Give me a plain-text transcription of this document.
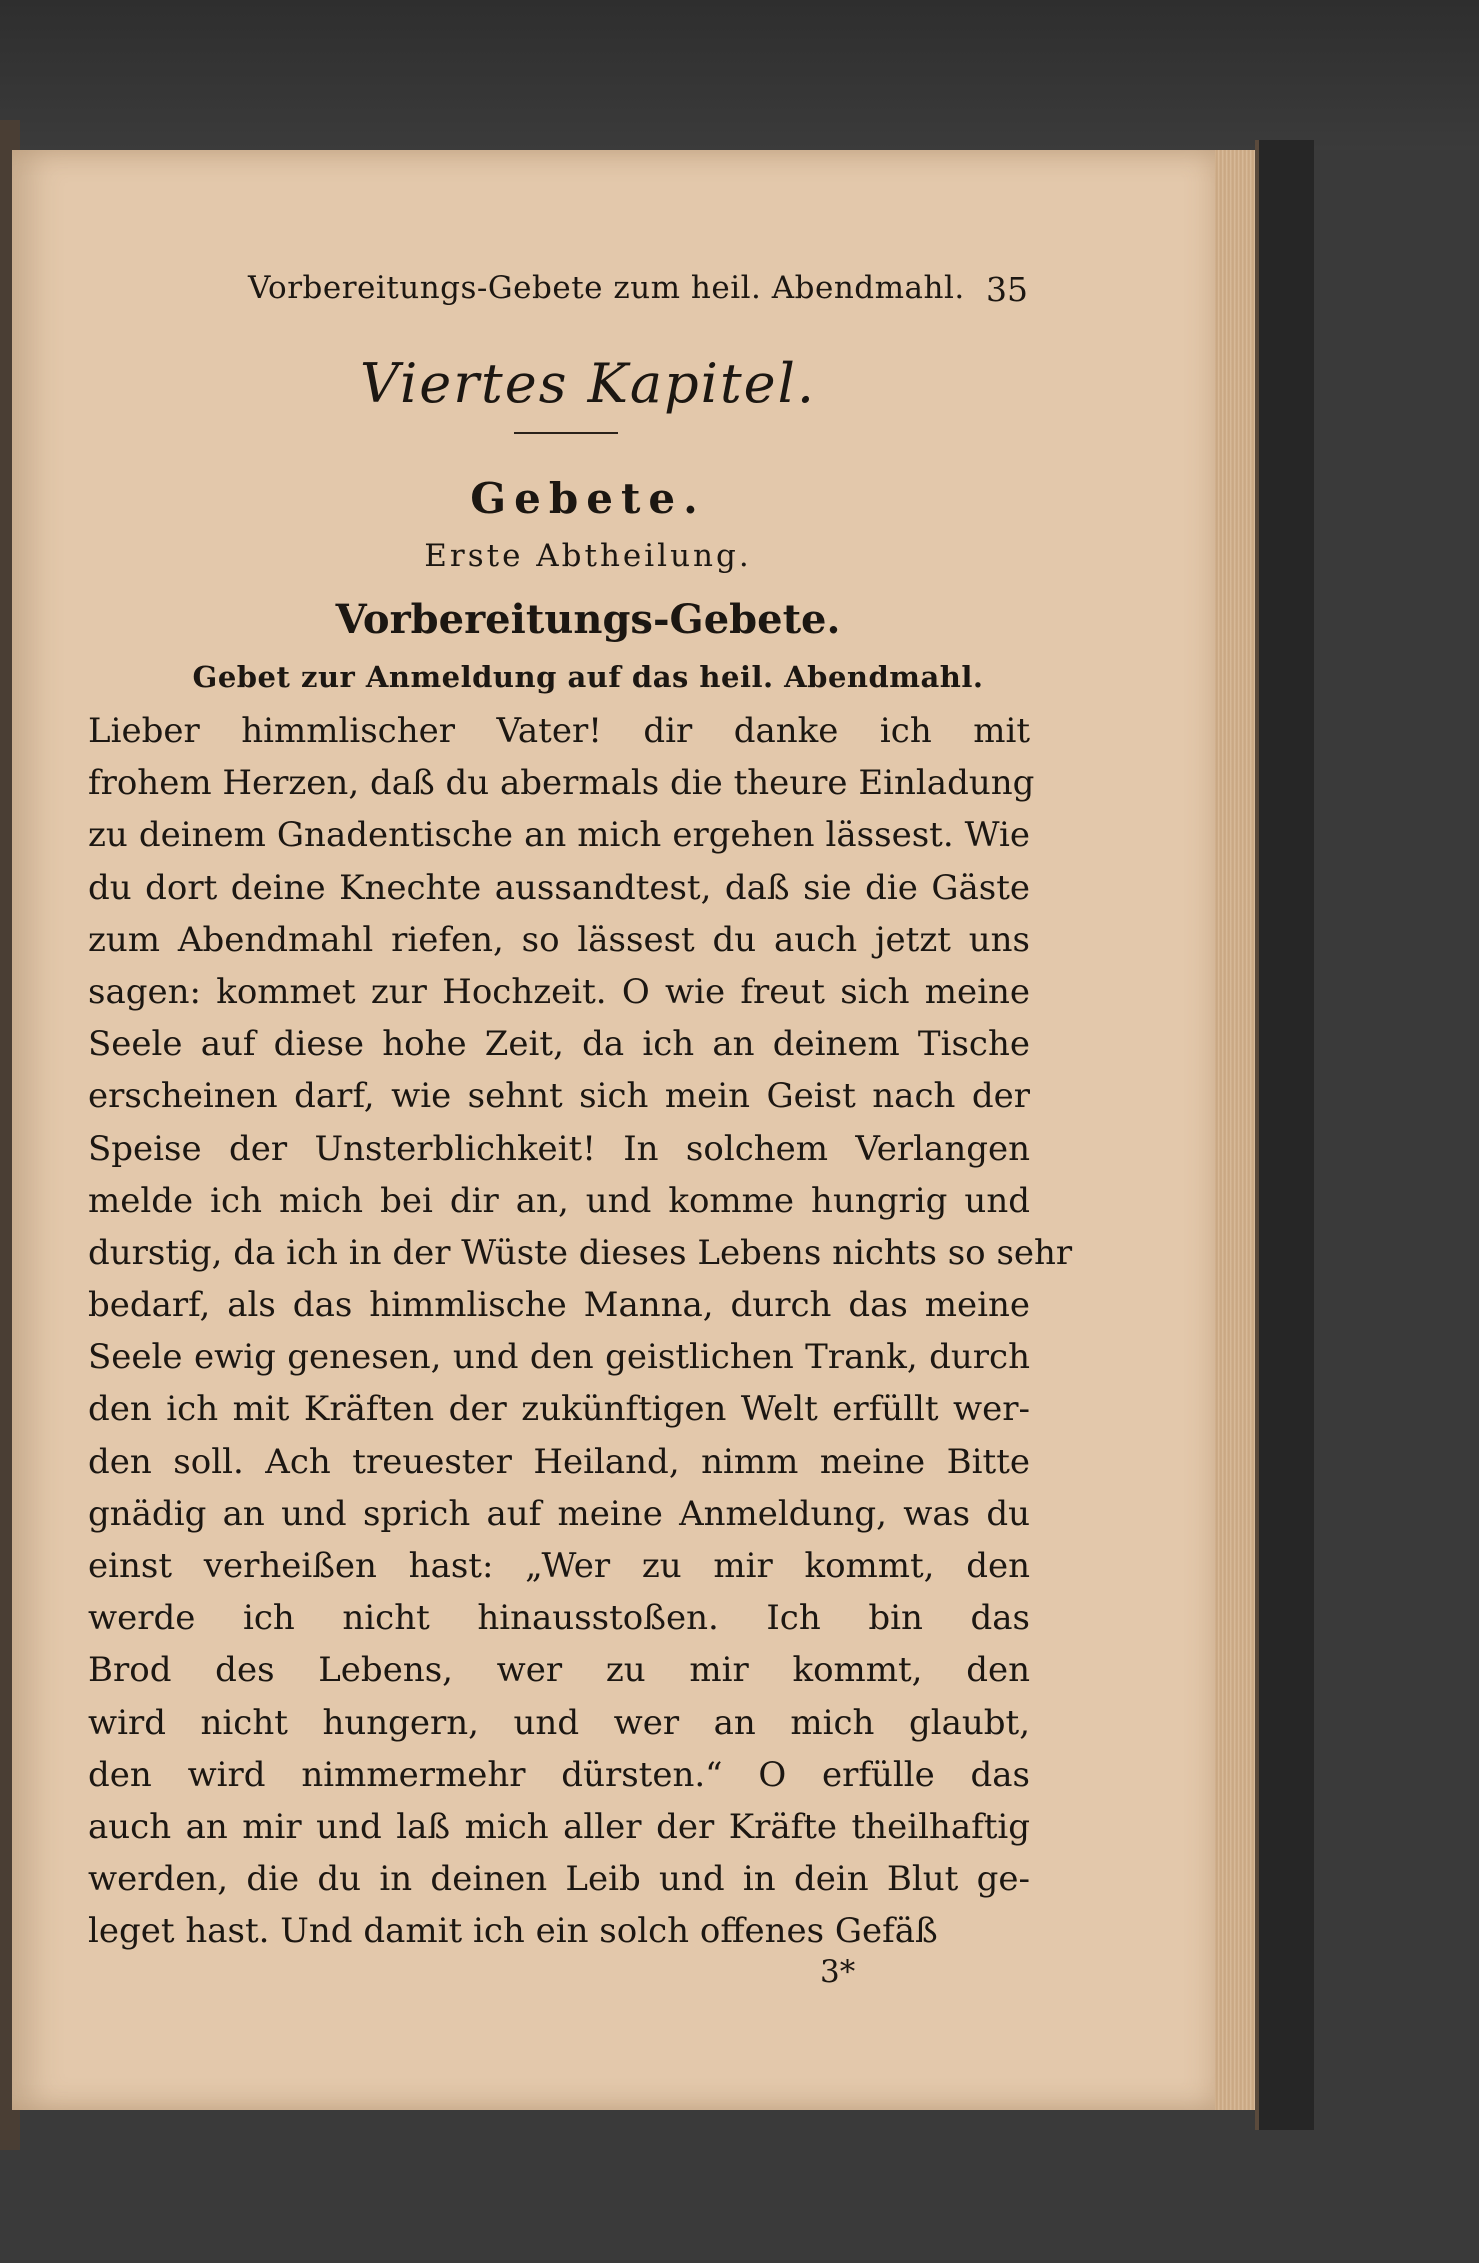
Vorbereitungs-Gebete zum heil. Abendmahl. 35
Viertes Kapitel.
Gebete.
Erste Abtheilung.
Vorbereitungs-Gebete.
Gebet zur Anmeldung auf das heil. Abendmahl.
Lieber himmlischer Vater! dir danke ich mit
frohem Herzen, daß du abermals die theure Einladung
zu deinem Gnadentische an mich ergehen lässest. Wie
du dort deine Knechte aussandtest, daß sie die Gäste
zum Abendmahl riefen, so lässest du auch jetzt uns
sagen: kommet zur Hochzeit. O wie freut sich meine
Seele auf diese hohe Zeit, da ich an deinem Tische
erscheinen darf, wie sehnt sich mein Geist nach der
Speise der Unsterblichkeit! In solchem Verlangen
melde ich mich bei dir an, und komme hungrig und
durstig, da ich in der Wüste dieses Lebens nichts so sehr
bedarf, als das himmlische Manna, durch das meine
Seele ewig genesen, und den geistlichen Trank, durch
den ich mit Kräften der zukünftigen Welt erfüllt wer-
den soll. Ach treuester Heiland, nimm meine Bitte
gnädig an und sprich auf meine Anmeldung, was du
einst verheißen hast: „Wer zu mir kommt, den
werde ich nicht hinausstoßen. Ich bin das
Brod des Lebens, wer zu mir kommt, den
wird nicht hungern, und wer an mich glaubt,
den wird nimmermehr dürsten.“ O erfülle das
auch an mir und laß mich aller der Kräfte theilhaftig
werden, die du in deinen Leib und in dein Blut ge-
leget hast. Und damit ich ein solch offenes Gefäß
3*
